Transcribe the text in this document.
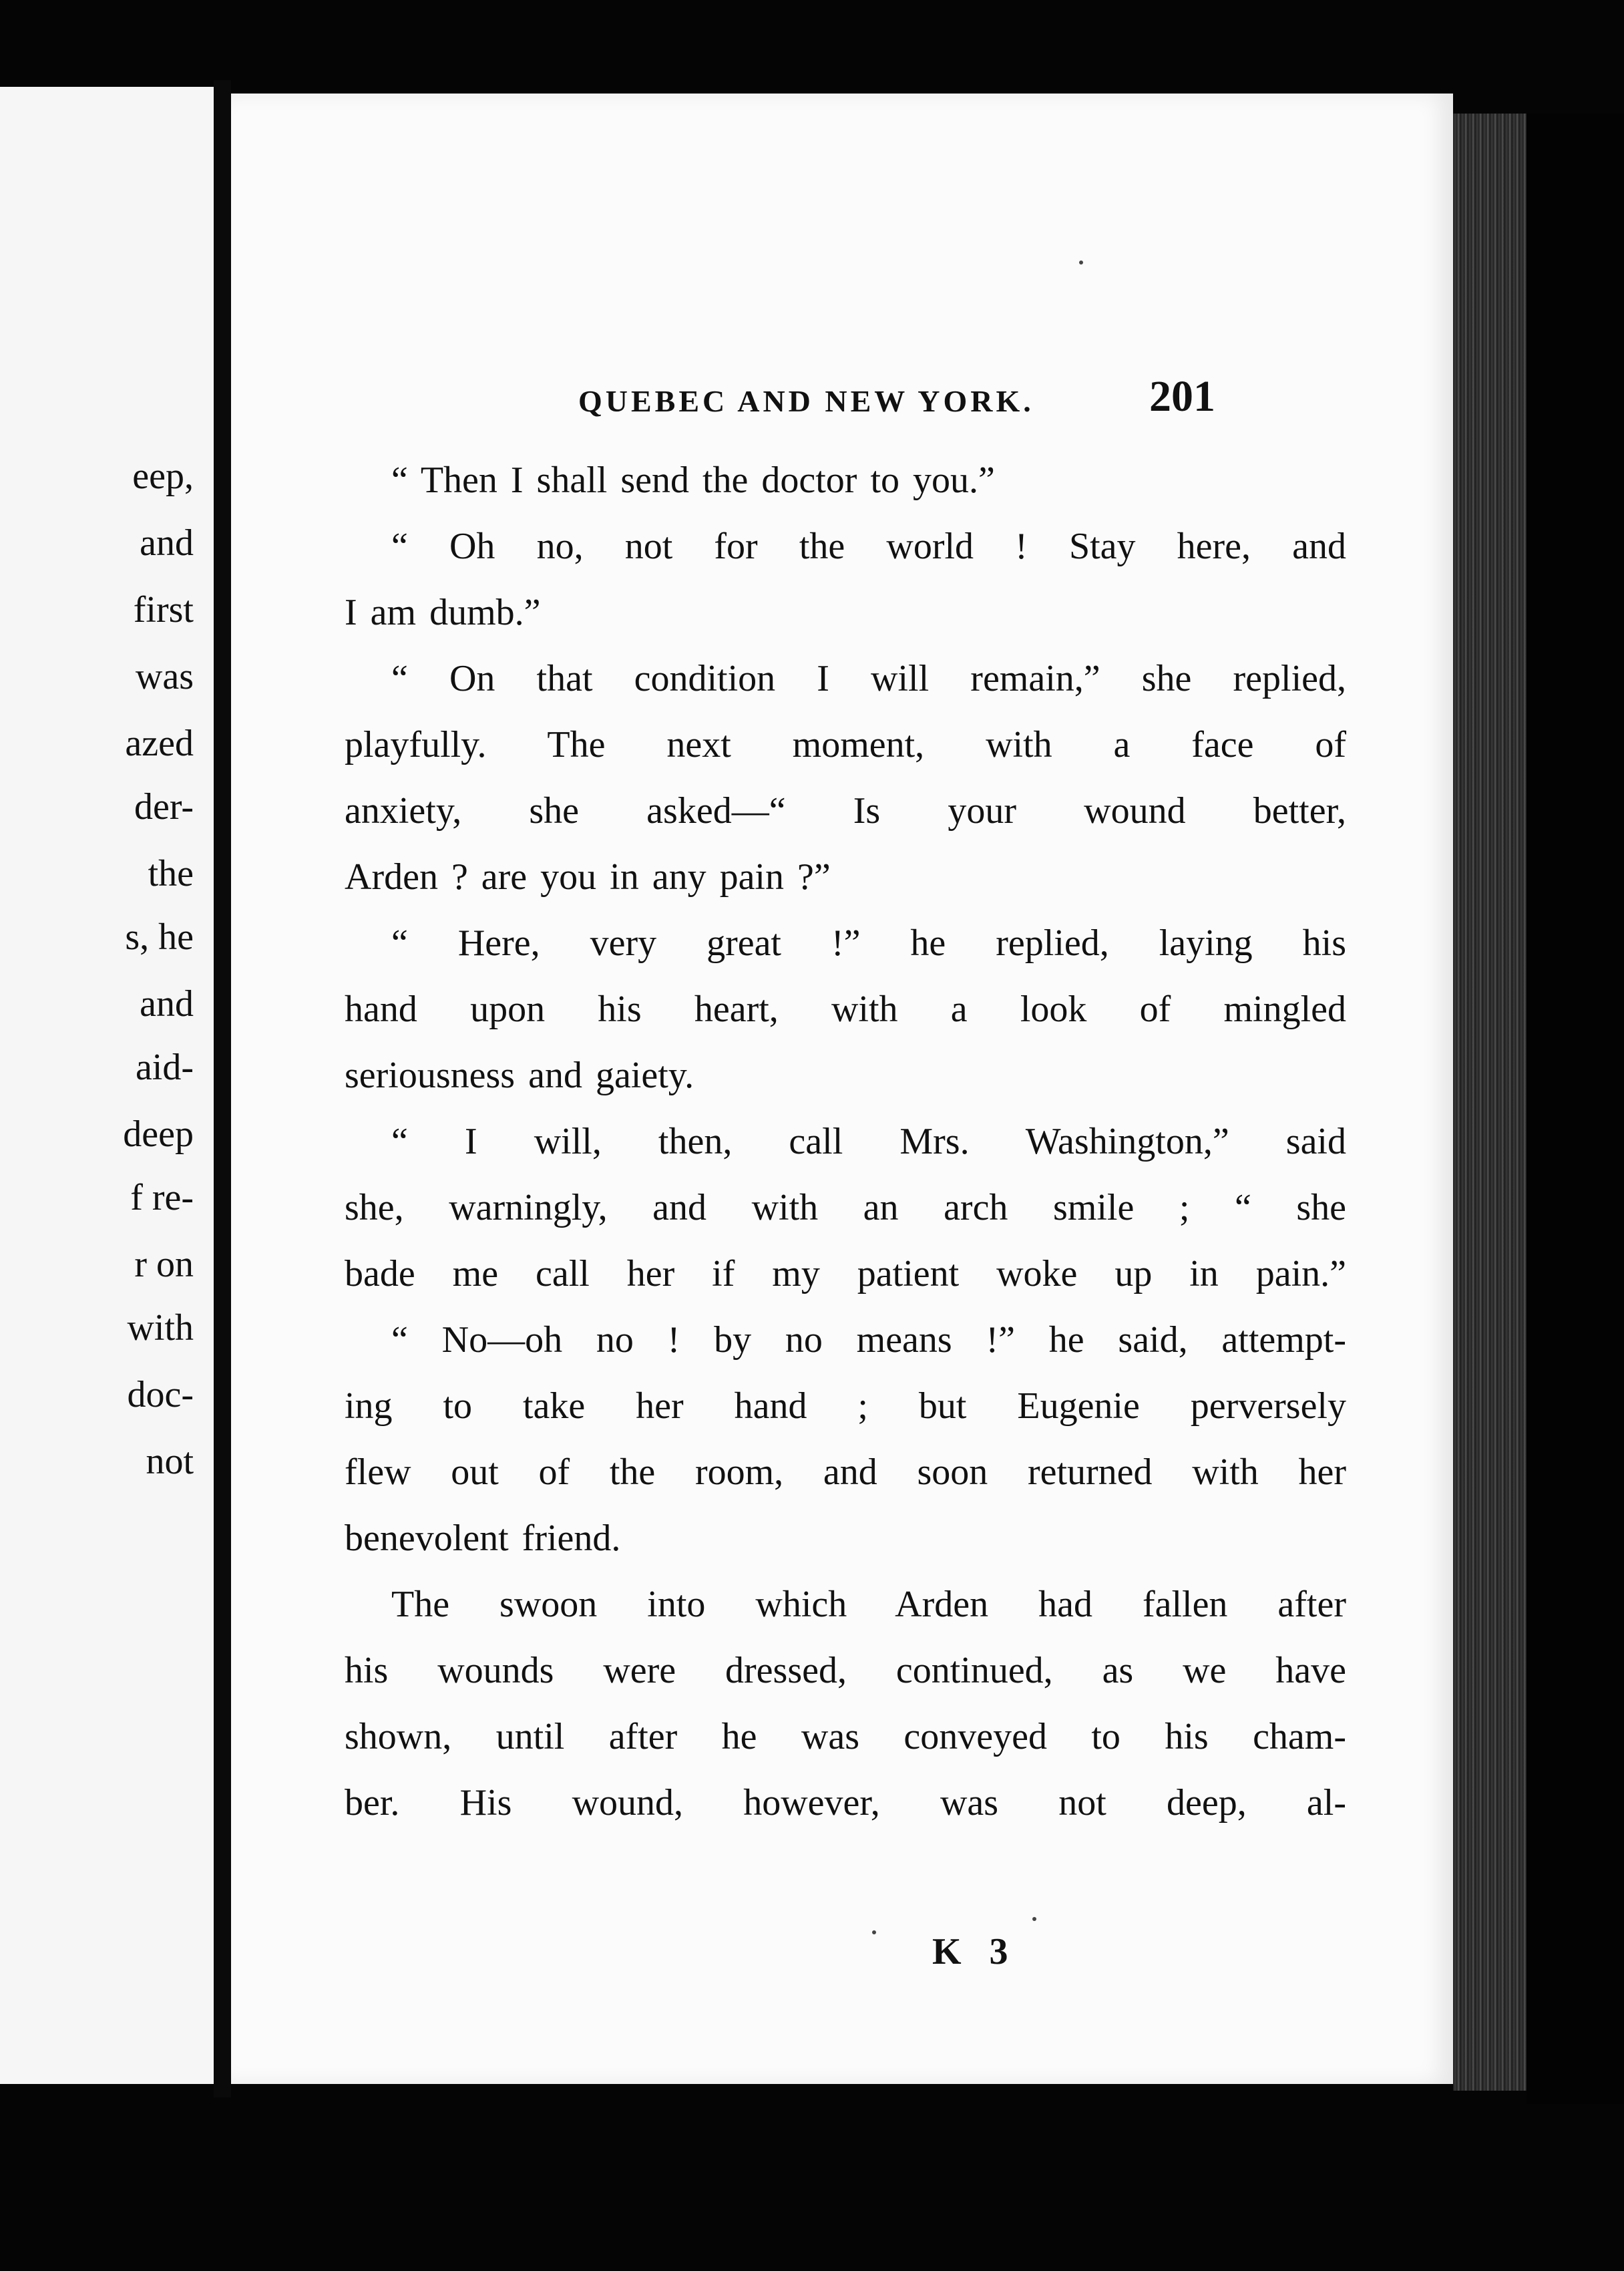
eep,
and
first
was
azed
der-
the
s, he
and
aid-
deep
f re-
r on
with
doc-
not
QUEBEC AND NEW YORK.	201
“ Then I shall send the doctor to you.”
“ Oh no, not for the world ! Stay here, and
I am dumb.”
“ On that condition I will remain,” she replied,
playfully. The next moment, with a face of
anxiety, she asked—“ Is your wound better,
Arden ? are you in any pain ?”
“ Here, very great !” he replied, laying his
hand upon his heart, with a look of mingled
seriousness and gaiety.
“ I will, then, call Mrs. Washington,” said
she, warningly, and with an arch smile ; “ she
bade me call her if my patient woke up in pain.”
“ No—oh no ! by no means !” he said, attempt-
ing to take her hand ; but Eugenie perversely
flew out of the room, and soon returned with her
benevolent friend.
The swoon into which Arden had fallen after
his wounds were dressed, continued, as we have
shown, until after he was conveyed to his cham-
ber. His wound, however, was not deep, al-
K 3
